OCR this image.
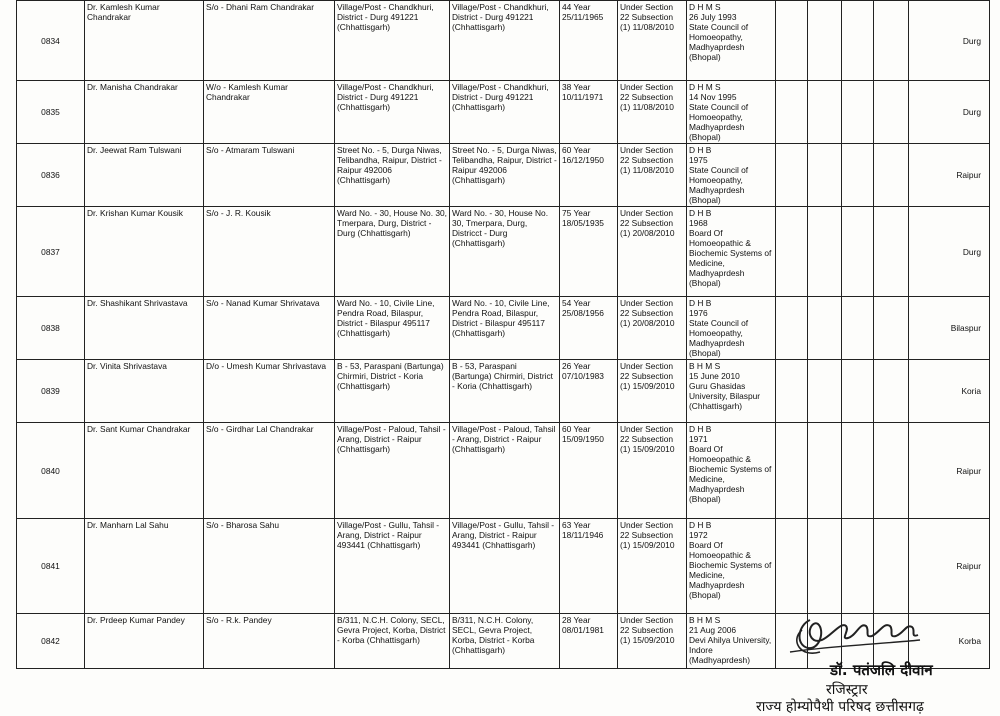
0834	Dr. Kamlesh Kumar Chandrakar	S/o - Dhani Ram Chandrakar	Village/Post - Chandkhuri, District - Durg 491221 (Chhattisgarh)	Village/Post - Chandkhuri, District - Durg 491221 (Chhattisgarh)	44 Year
25/11/1965	Under Section 22 Subsection (1) 11/08/2010	D H M S
26 July 1993
State Council of Homoeopathy, Madhyaprdesh (Bhopal)					Durg
0835	Dr. Manisha Chandrakar	W/o - Kamlesh Kumar Chandrakar	Village/Post - Chandkhuri, District - Durg 491221 (Chhattisgarh)	Village/Post - Chandkhuri, District - Durg 491221 (Chhattisgarh)	38 Year
10/11/1971	Under Section 22 Subsection (1) 11/08/2010	D H M S
14 Nov 1995
State Council of Homoeopathy, Madhyaprdesh (Bhopal)					Durg
0836	Dr. Jeewat Ram Tulswani	S/o - Atmaram Tulswani	Street No. - 5, Durga Niwas, Telibandha, Raipur, District - Raipur 492006 (Chhattisgarh)	Street No. - 5, Durga Niwas, Telibandha, Raipur, District - Raipur 492006 (Chhattisgarh)	60 Year
16/12/1950	Under Section 22 Subsection (1) 11/08/2010	D H B
1975
State Council of Homoeopathy, Madhyaprdesh (Bhopal)					Raipur
0837	Dr. Krishan Kumar Kousik	S/o - J. R. Kousik	Ward No. - 30, House No. 30, Tmerpara, Durg, District - Durg (Chhattisgarh)	Ward No. - 30, House No. 30, Tmerpara, Durg, Districct - Durg (Chhattisgarh)	75 Year
18/05/1935	Under Section 22 Subsection (1) 20/08/2010	D H B
1968
Board Of Homoeopathic & Biochemic Systems of Medicine, Madhyaprdesh (Bhopal)					Durg
0838	Dr. Shashikant Shrivastava	S/o - Nanad Kumar Shrivatava	Ward No. - 10, Civile Line, Pendra Road, Bilaspur, District - Bilaspur 495117 (Chhattisgarh)	Ward No. - 10, Civile Line, Pendra Road, Bilaspur, District - Bilaspur 495117 (Chhattisgarh)	54 Year
25/08/1956	Under Section 22 Subsection (1) 20/08/2010	D H B
1976
State Council of Homoeopathy, Madhyaprdesh (Bhopal)					Bilaspur
0839	Dr. Vinita Shrivastava	D/o - Umesh Kumar Shrivastava	B - 53, Paraspani (Bartunga) Chirmiri, District - Koria (Chhattisgarh)	B - 53, Paraspani (Bartunga) Chirmiri, District - Koria (Chhattisgarh)	26 Year
07/10/1983	Under Section 22 Subsection (1) 15/09/2010	B H M S
15 June 2010
Guru Ghasidas University, Bilaspur (Chhattisgarh)					Koria
0840	Dr. Sant Kumar Chandrakar	S/o - Girdhar Lal Chandrakar	Village/Post - Paloud, Tahsil - Arang, District - Raipur (Chhattisgarh)	Village/Post - Paloud, Tahsil - Arang, District - Raipur (Chhattisgarh)	60 Year
15/09/1950	Under Section 22 Subsection (1) 15/09/2010	D H B
1971
Board Of Homoeopathic & Biochemic Systems of Medicine, Madhyaprdesh (Bhopal)					Raipur
0841	Dr. Manharn Lal Sahu	S/o - Bharosa Sahu	Village/Post - Gullu, Tahsil - Arang, District - Raipur 493441 (Chhattisgarh)	Village/Post - Gullu, Tahsil - Arang, District - Raipur 493441 (Chhattisgarh)	63 Year
18/11/1946	Under Section 22 Subsection (1) 15/09/2010	D H B
1972
Board Of Homoeopathic & Biochemic Systems of Medicine, Madhyaprdesh (Bhopal)					Raipur
0842	Dr. Prdeep Kumar Pandey	S/o - R.k. Pandey	B/311, N.C.H. Colony, SECL, Gevra Project, Korba, District - Korba (Chhattisgarh)	B/311, N.C.H. Colony, SECL, Gevra Project, Korba, District - Korba (Chhattisgarh)	28 Year
08/01/1981	Under Section 22 Subsection (1) 15/09/2010	B H M S
21 Aug 2006
Devi Ahilya University, Indore (Madhyaprdesh)					Korba
डॉ. पतंजलि दीवान
रजिस्ट्रार
राज्य होम्योपैथी परिषद छत्तीसगढ़
